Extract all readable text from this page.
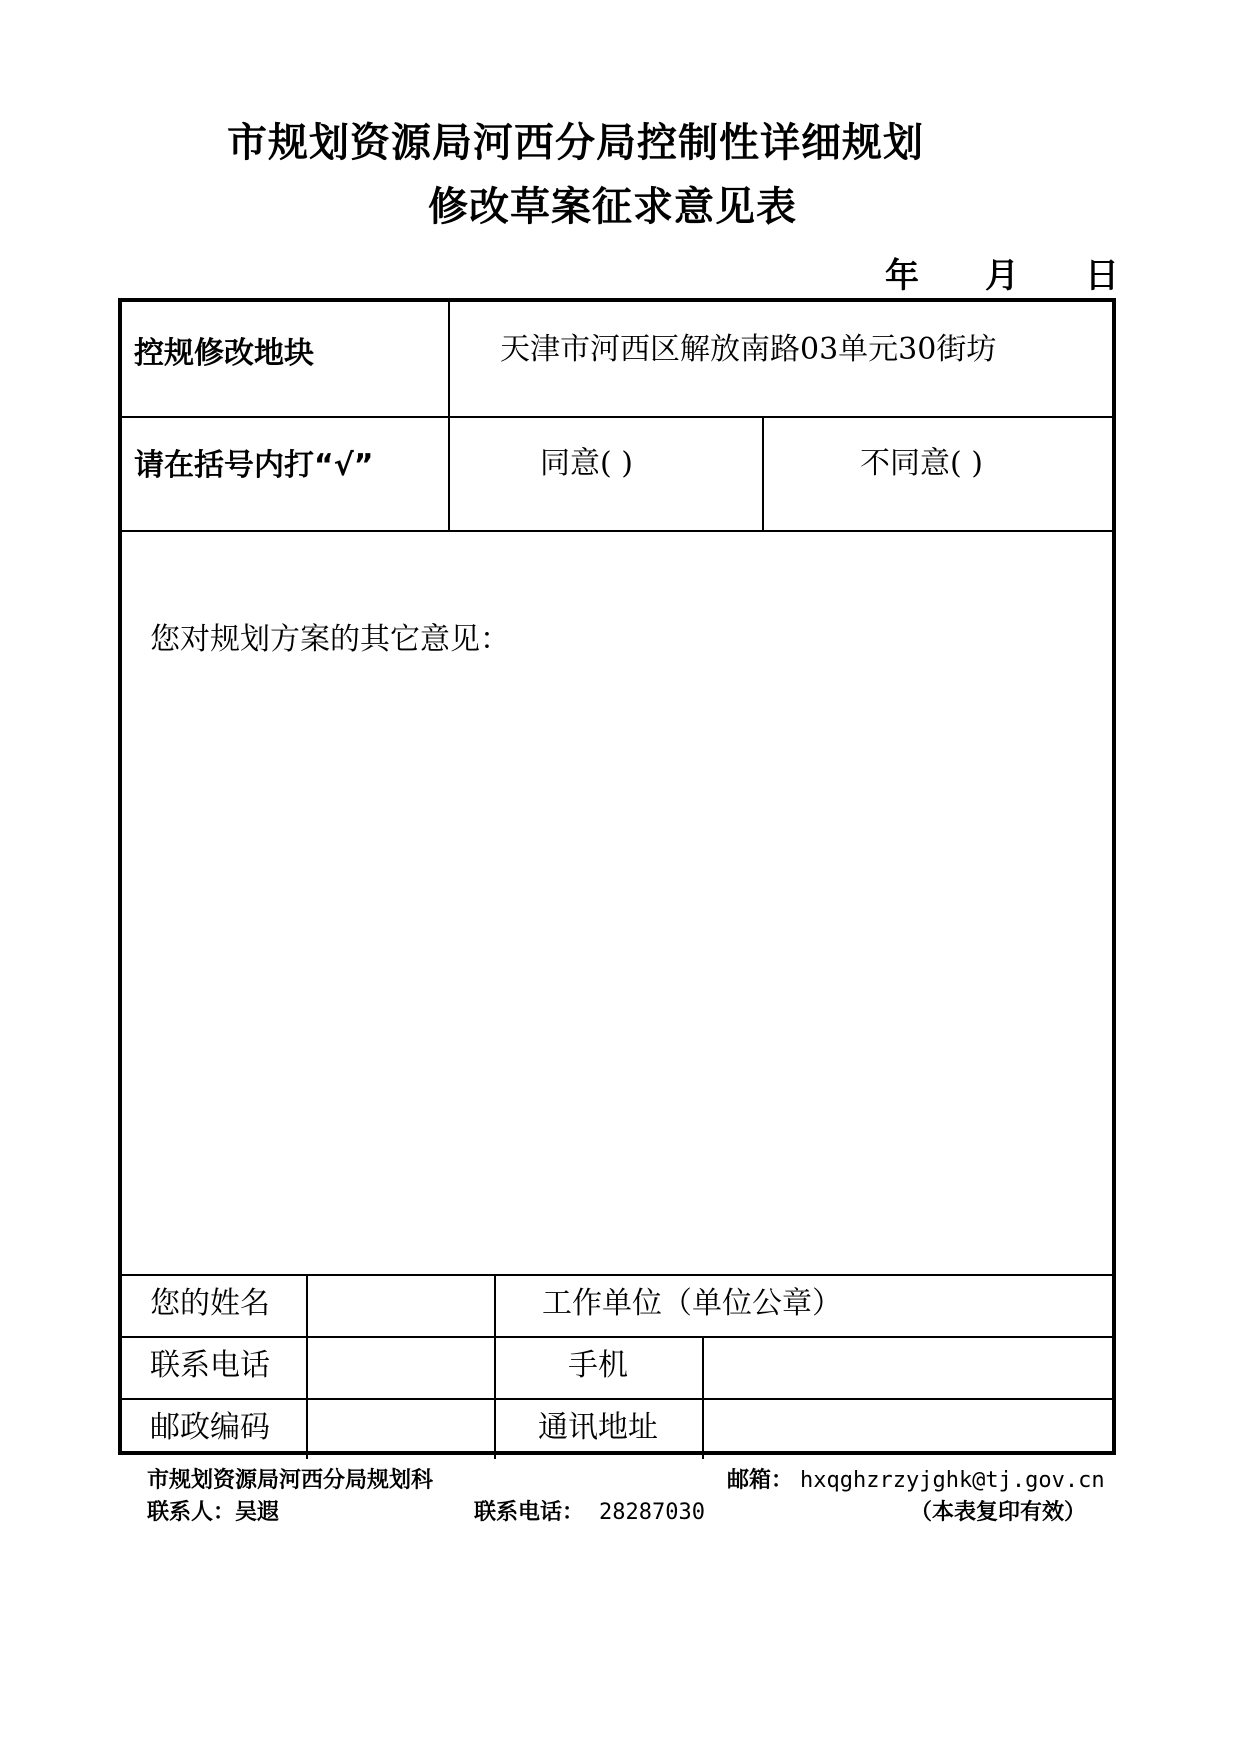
市规划资源局河西分局控制性详细规划
修改草案征求意见表
年 月 日
控规修改地块	天津市河西区解放南路03单元30街坊
请在括号内打“√”	同意( )	不同意( )
您对规划方案的其它意见：
您的姓名	工作单位（单位公章）
联系电话	手机
邮政编码	通讯地址
市规划资源局河西分局规划科	邮箱： hxqghzrzyjghk@tj.gov.cn
联系人：吴遐	联系电话： 28287030	（本表复印有效）
